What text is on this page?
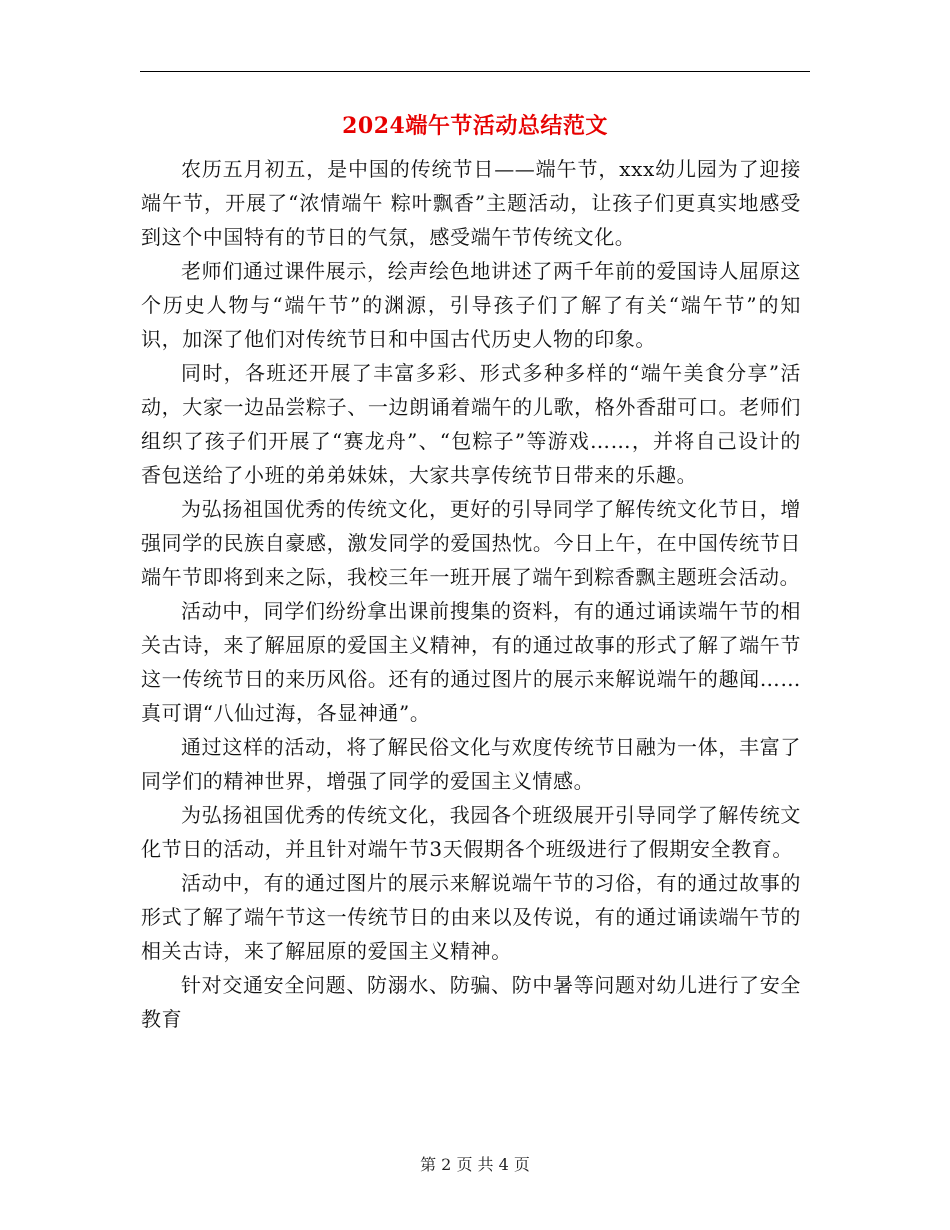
2024端午节活动总结范文

农历五月初五，是中国的传统节日——端午节，xxx幼儿园为了迎接端午节，开展了“浓情端午 粽叶飘香”主题活动，让孩子们更真实地感受到这个中国特有的节日的气氛，感受端午节传统文化。

老师们通过课件展示，绘声绘色地讲述了两千年前的爱国诗人屈原这个历史人物与“端午节”的渊源，引导孩子们了解了有关“端午节”的知识，加深了他们对传统节日和中国古代历史人物的印象。

同时，各班还开展了丰富多彩、形式多种多样的“端午美食分享”活动，大家一边品尝粽子、一边朗诵着端午的儿歌，格外香甜可口。老师们组织了孩子们开展了“赛龙舟”、“包粽子”等游戏……，并将自己设计的香包送给了小班的弟弟妹妹，大家共享传统节日带来的乐趣。

为弘扬祖国优秀的传统文化，更好的引导同学了解传统文化节日，增强同学的民族自豪感，激发同学的爱国热忱。今日上午，在中国传统节日端午节即将到来之际，我校三年一班开展了端午到粽香飘主题班会活动。

活动中，同学们纷纷拿出课前搜集的资料，有的通过诵读端午节的相关古诗，来了解屈原的爱国主义精神，有的通过故事的形式了解了端午节这一传统节日的来历风俗。还有的通过图片的展示来解说端午的趣闻……真可谓“八仙过海，各显神通”。

通过这样的活动，将了解民俗文化与欢度传统节日融为一体，丰富了同学们的精神世界，增强了同学的爱国主义情感。

为弘扬祖国优秀的传统文化，我园各个班级展开引导同学了解传统文化节日的活动，并且针对端午节3天假期各个班级进行了假期安全教育。

活动中，有的通过图片的展示来解说端午节的习俗，有的通过故事的形式了解了端午节这一传统节日的由来以及传说，有的通过诵读端午节的相关古诗，来了解屈原的爱国主义精神。

针对交通安全问题、防溺水、防骗、防中暑等问题对幼儿进行了安全教育

第 2 页 共 4 页
